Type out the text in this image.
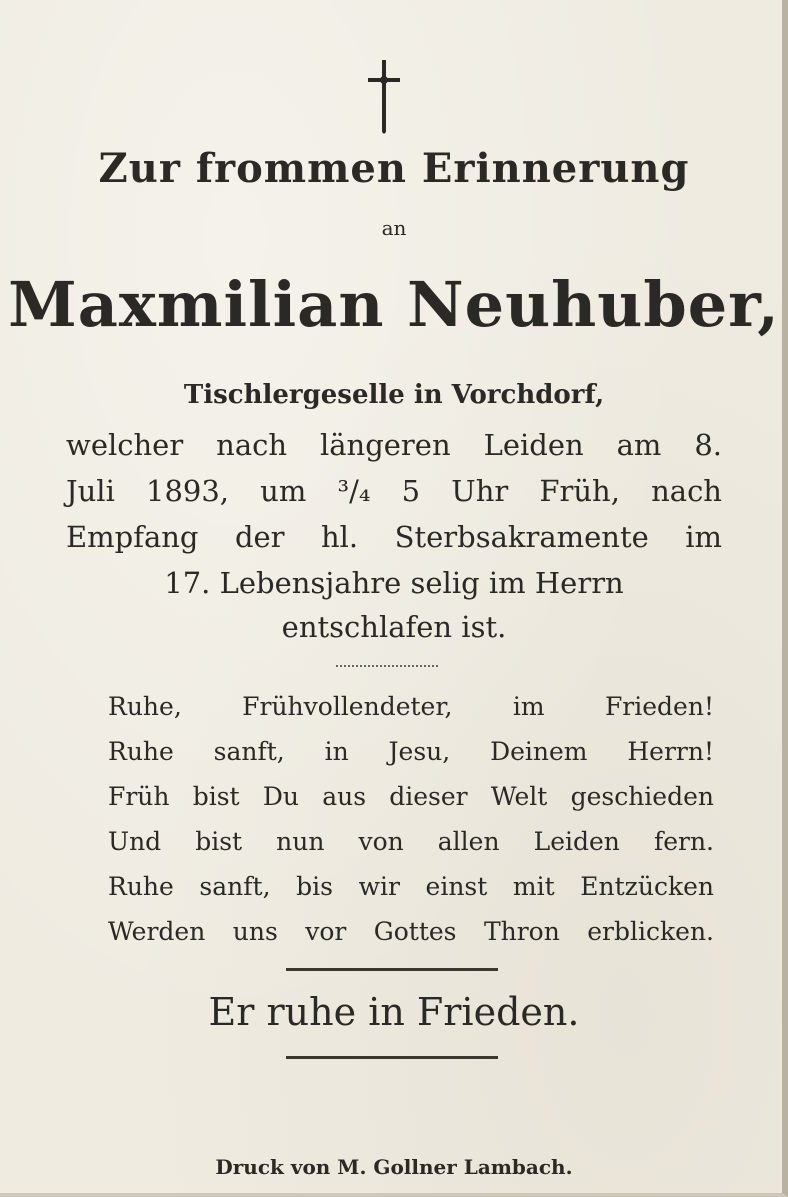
Zur frommen Erinnerung
an
Maxmilian Neuhuber,
Tischlergeselle in Vorchdorf,
welcher nach längeren Leiden am 8.
Juli 1893, um ³/₄ 5 Uhr Früh, nach
Empfang der hl. Sterbsakramente im
17. Lebensjahre selig im Herrn
entschlafen ist.
Ruhe, Frühvollendeter, im Frieden!
Ruhe sanft, in Jesu, Deinem Herrn!
Früh bist Du aus dieser Welt geschieden
Und bist nun von allen Leiden fern.
Ruhe sanft, bis wir einst mit Entzücken
Werden uns vor Gottes Thron erblicken.
Er ruhe in Frieden.
Druck von M. Gollner Lambach.
